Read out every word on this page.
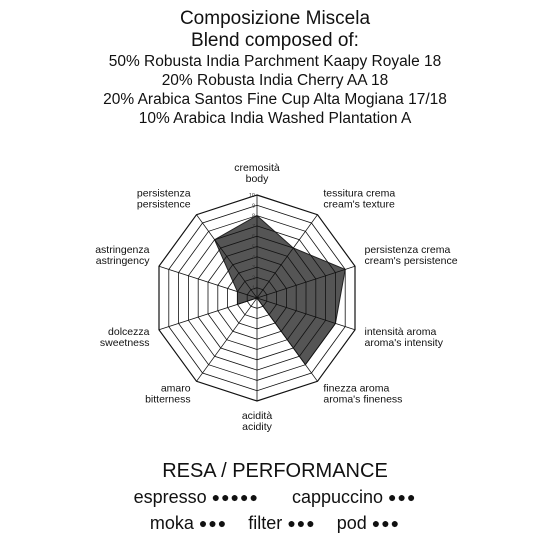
Composizione Miscela
Blend composed of:
50% Robusta India Parchment Kaapy Royale 18
20% Robusta India Cherry AA 18
20% Arabica Santos Fine Cup Alta Mogiana 17/18
10% Arabica India Washed Plantation A
1
2
3
4
5
6
7
8
9
10
cremosità
body
tessitura crema
cream's texture
persistenza crema
cream's persistence
intensità aroma
aroma's intensity
finezza aroma
aroma's fineness
acidità
acidity
amaro
bitterness
dolcezza
sweetness
astringenza
astringency
persistenza
persistence
RESA / PERFORMANCE
espresso ●●●●● cappuccino ●●●
moka ●●● filter ●●● pod ●●●
